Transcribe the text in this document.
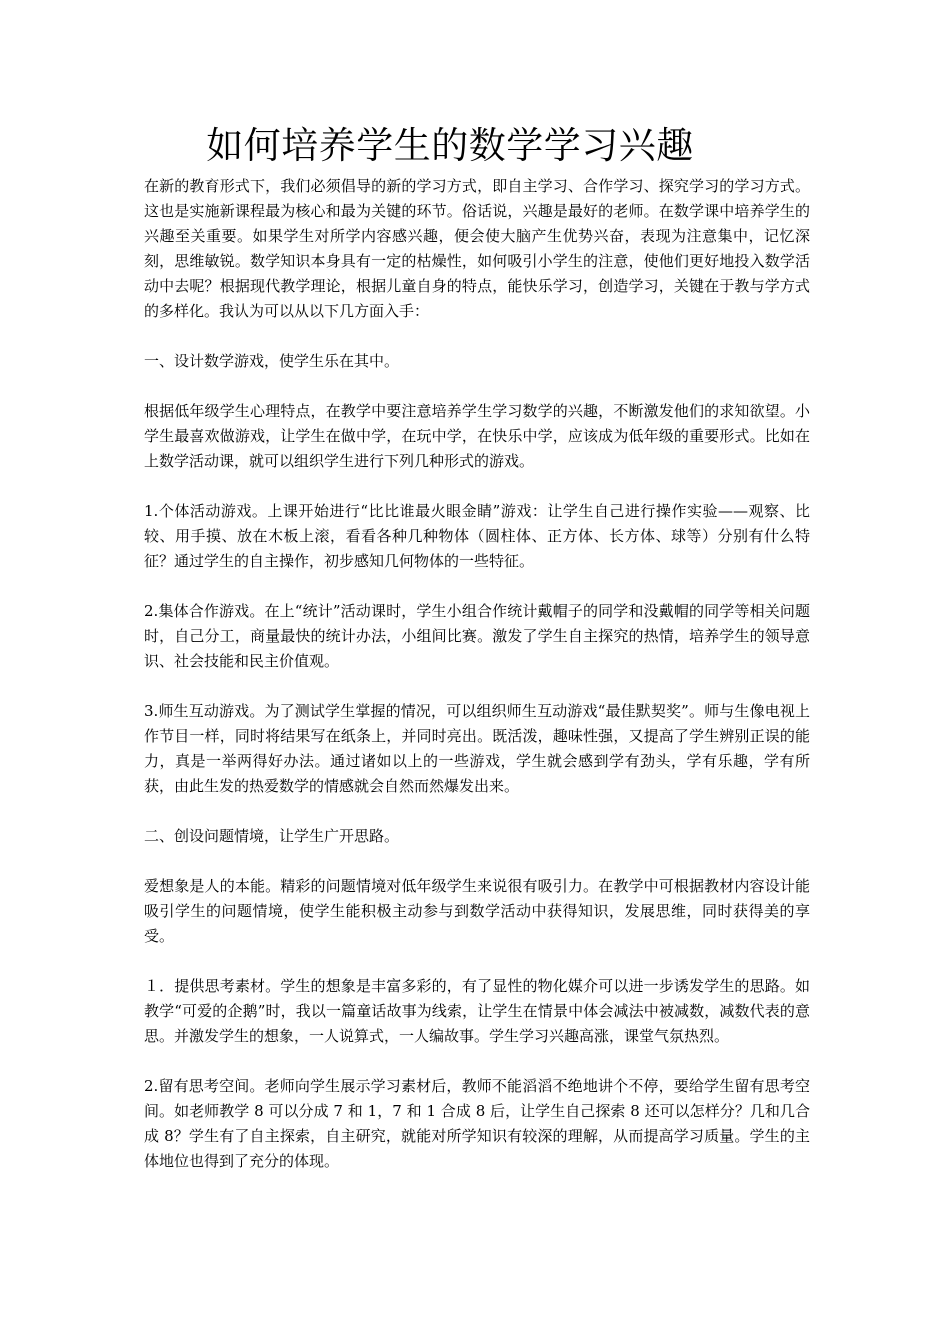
如何培养学生的数学学习兴趣

在新的教育形式下，我们必须倡导的新的学习方式，即自主学习、合作学习、探究学习的学习方式。这也是实施新课程最为核心和最为关键的环节。俗话说，兴趣是最好的老师。在数学课中培养学生的兴趣至关重要。如果学生对所学内容感兴趣，便会使大脑产生优势兴奋，表现为注意集中，记忆深刻，思维敏锐。数学知识本身具有一定的枯燥性，如何吸引小学生的注意，使他们更好地投入数学活动中去呢？根据现代教学理论，根据儿童自身的特点，能快乐学习，创造学习，关键在于教与学方式的多样化。我认为可以从以下几方面入手：

一、设计数学游戏，使学生乐在其中。

根据低年级学生心理特点，在教学中要注意培养学生学习数学的兴趣，不断激发他们的求知欲望。小学生最喜欢做游戏，让学生在做中学，在玩中学，在快乐中学，应该成为低年级的重要形式。比如在上数学活动课，就可以组织学生进行下列几种形式的游戏。

1.个体活动游戏。上课开始进行“比比谁最火眼金睛”游戏：让学生自己进行操作实验——观察、比较、用手摸、放在木板上滚，看看各种几种物体（圆柱体、正方体、长方体、球等）分别有什么特征？通过学生的自主操作，初步感知几何物体的一些特征。

2.集体合作游戏。在上“统计”活动课时，学生小组合作统计戴帽子的同学和没戴帽的同学等相关问题时，自己分工，商量最快的统计办法，小组间比赛。激发了学生自主探究的热情，培养学生的领导意识、社会技能和民主价值观。

3.师生互动游戏。为了测试学生掌握的情况，可以组织师生互动游戏“最佳默契奖”。师与生像电视上作节目一样，同时将结果写在纸条上，并同时亮出。既活泼，趣味性强，又提高了学生辨别正误的能力，真是一举两得好办法。通过诸如以上的一些游戏，学生就会感到学有劲头，学有乐趣，学有所获，由此生发的热爱数学的情感就会自然而然爆发出来。

二、创设问题情境，让学生广开思路。

爱想象是人的本能。精彩的问题情境对低年级学生来说很有吸引力。在教学中可根据教材内容设计能吸引学生的问题情境，使学生能积极主动参与到数学活动中获得知识，发展思维，同时获得美的享受。

１．提供思考素材。学生的想象是丰富多彩的，有了显性的物化媒介可以进一步诱发学生的思路。如教学“可爱的企鹅”时，我以一篇童话故事为线索，让学生在情景中体会减法中被减数，减数代表的意思。并激发学生的想象，一人说算式，一人编故事。学生学习兴趣高涨，课堂气氛热烈。

2.留有思考空间。老师向学生展示学习素材后，教师不能滔滔不绝地讲个不停，要给学生留有思考空间。如老师教学 8 可以分成 7 和 1，7 和 1 合成 8 后，让学生自己探索 8 还可以怎样分？几和几合成 8？学生有了自主探索，自主研究，就能对所学知识有较深的理解，从而提高学习质量。学生的主体地位也得到了充分的体现。
